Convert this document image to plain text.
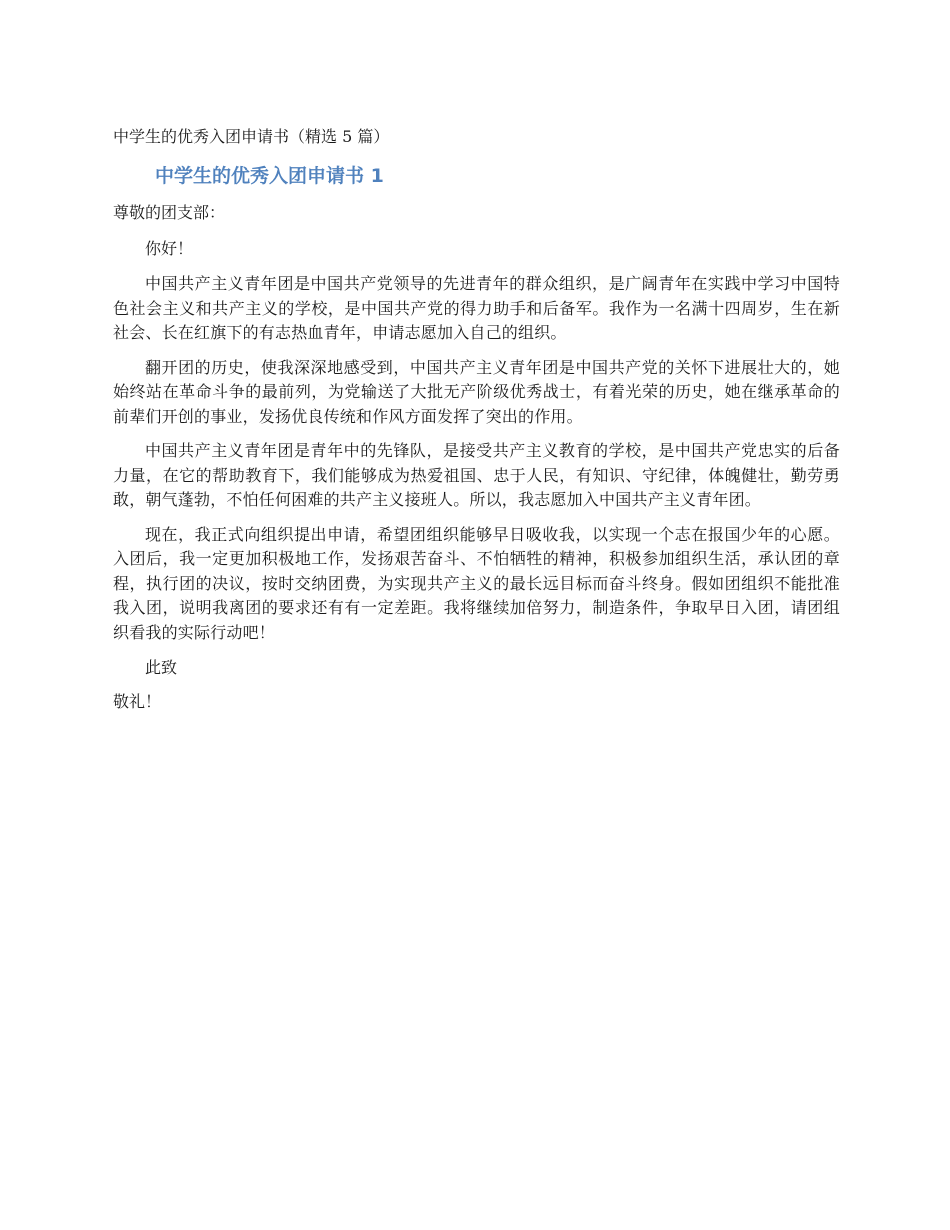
中学生的优秀入团申请书（精选 5 篇）

中学生的优秀入团申请书 1

尊敬的团支部：

你好！

中国共产主义青年团是中国共产党领导的先进青年的群众组织，是广阔青年在实践中学习中国特色社会主义和共产主义的学校，是中国共产党的得力助手和后备军。我作为一名满十四周岁，生在新社会、长在红旗下的有志热血青年，申请志愿加入自己的组织。

翻开团的历史，使我深深地感受到，中国共产主义青年团是中国共产党的关怀下进展壮大的，她始终站在革命斗争的最前列，为党输送了大批无产阶级优秀战士，有着光荣的历史，她在继承革命的前辈们开创的事业，发扬优良传统和作风方面发挥了突出的作用。

中国共产主义青年团是青年中的先锋队，是接受共产主义教育的学校，是中国共产党忠实的后备力量，在它的帮助教育下，我们能够成为热爱祖国、忠于人民，有知识、守纪律，体魄健壮，勤劳勇敢，朝气蓬勃，不怕任何困难的共产主义接班人。所以，我志愿加入中国共产主义青年团。

现在，我正式向组织提出申请，希望团组织能够早日吸收我，以实现一个志在报国少年的心愿。入团后，我一定更加积极地工作，发扬艰苦奋斗、不怕牺牲的精神，积极参加组织生活，承认团的章程，执行团的决议，按时交纳团费，为实现共产主义的最长远目标而奋斗终身。假如团组织不能批准我入团，说明我离团的要求还有有一定差距。我将继续加倍努力，制造条件，争取早日入团，请团组织看我的实际行动吧！

此致

敬礼！
